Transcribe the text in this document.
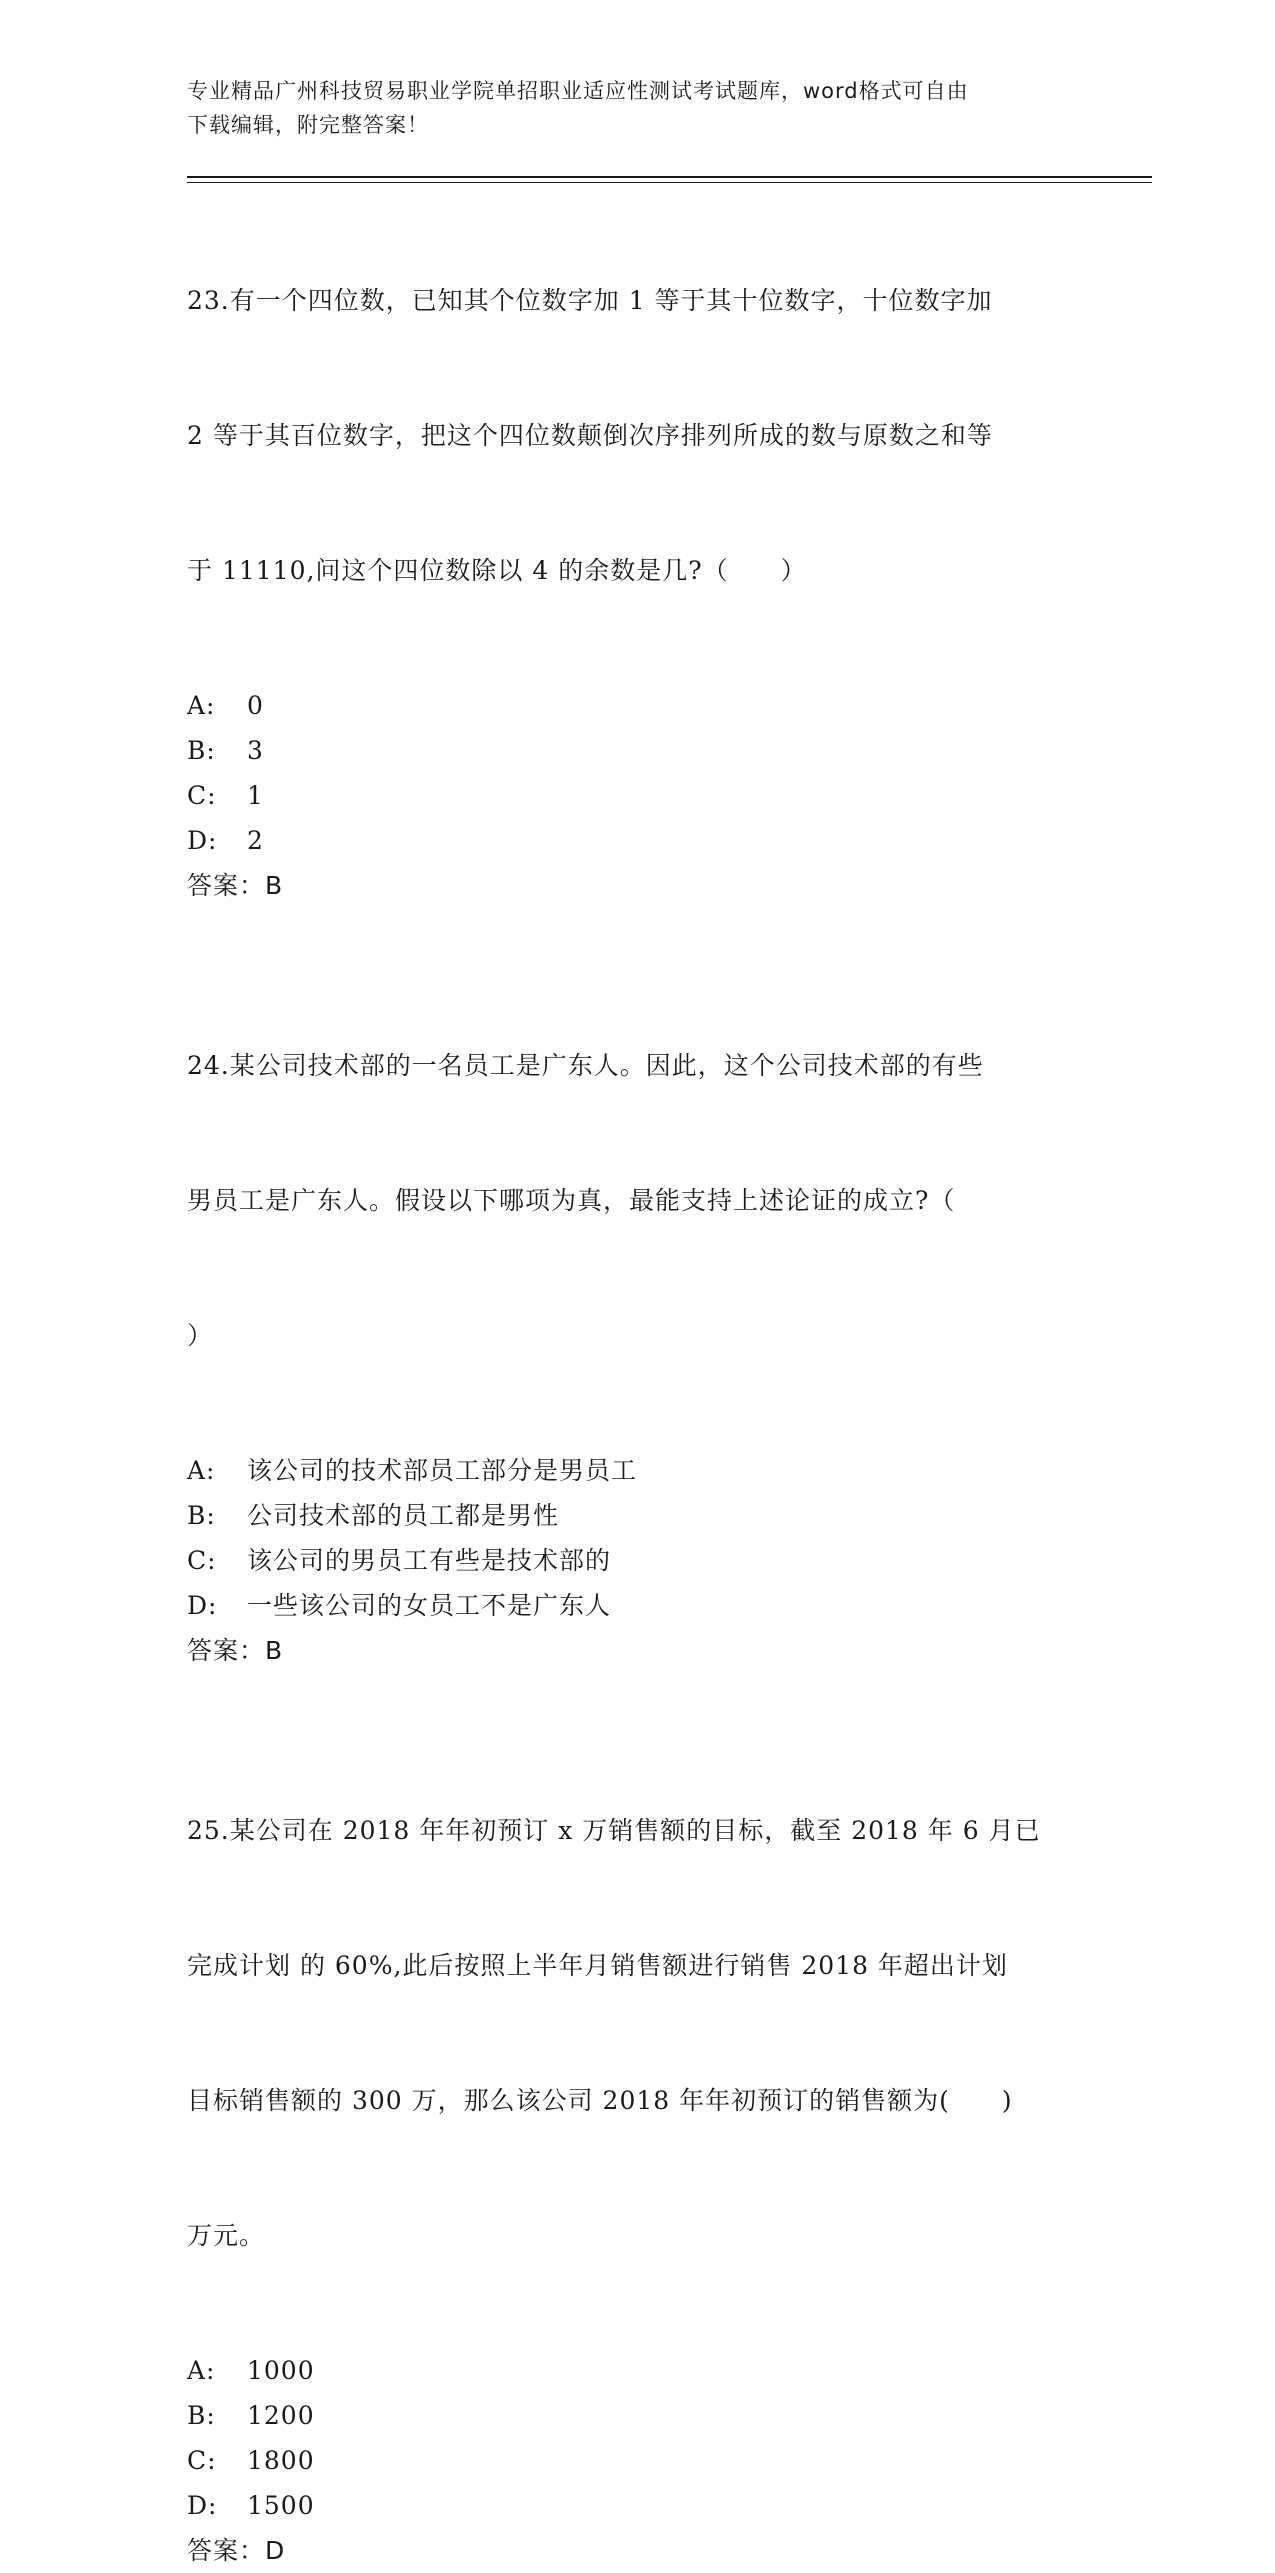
专业精品广州科技贸易职业学院单招职业适应性测试考试题库，word格式可自由
下载编辑，附完整答案！

23.有一个四位数，已知其个位数字加 1 等于其十位数字，十位数字加

2 等于其百位数字，把这个四位数颠倒次序排列所成的数与原数之和等

于 11110,问这个四位数除以 4 的余数是几?（　　）

A:	0
B:	3
C:	1
D:	2
答案：B

24.某公司技术部的一名员工是广东人。因此，这个公司技术部的有些

男员工是广东人。假设以下哪项为真，最能支持上述论证的成立?（

）

A:	该公司的技术部员工部分是男员工
B:	公司技术部的员工都是男性
C:	该公司的男员工有些是技术部的
D:	一些该公司的女员工不是广东人
答案：B

25.某公司在 2018 年年初预订 x 万销售额的目标，截至 2018 年 6 月已

完成计划 的 60%,此后按照上半年月销售额进行销售 2018 年超出计划

目标销售额的 300 万，那么该公司 2018 年年初预订的销售额为(　　)

万元。

A:	1000
B:	1200
C:	1800
D:	1500
答案：D
